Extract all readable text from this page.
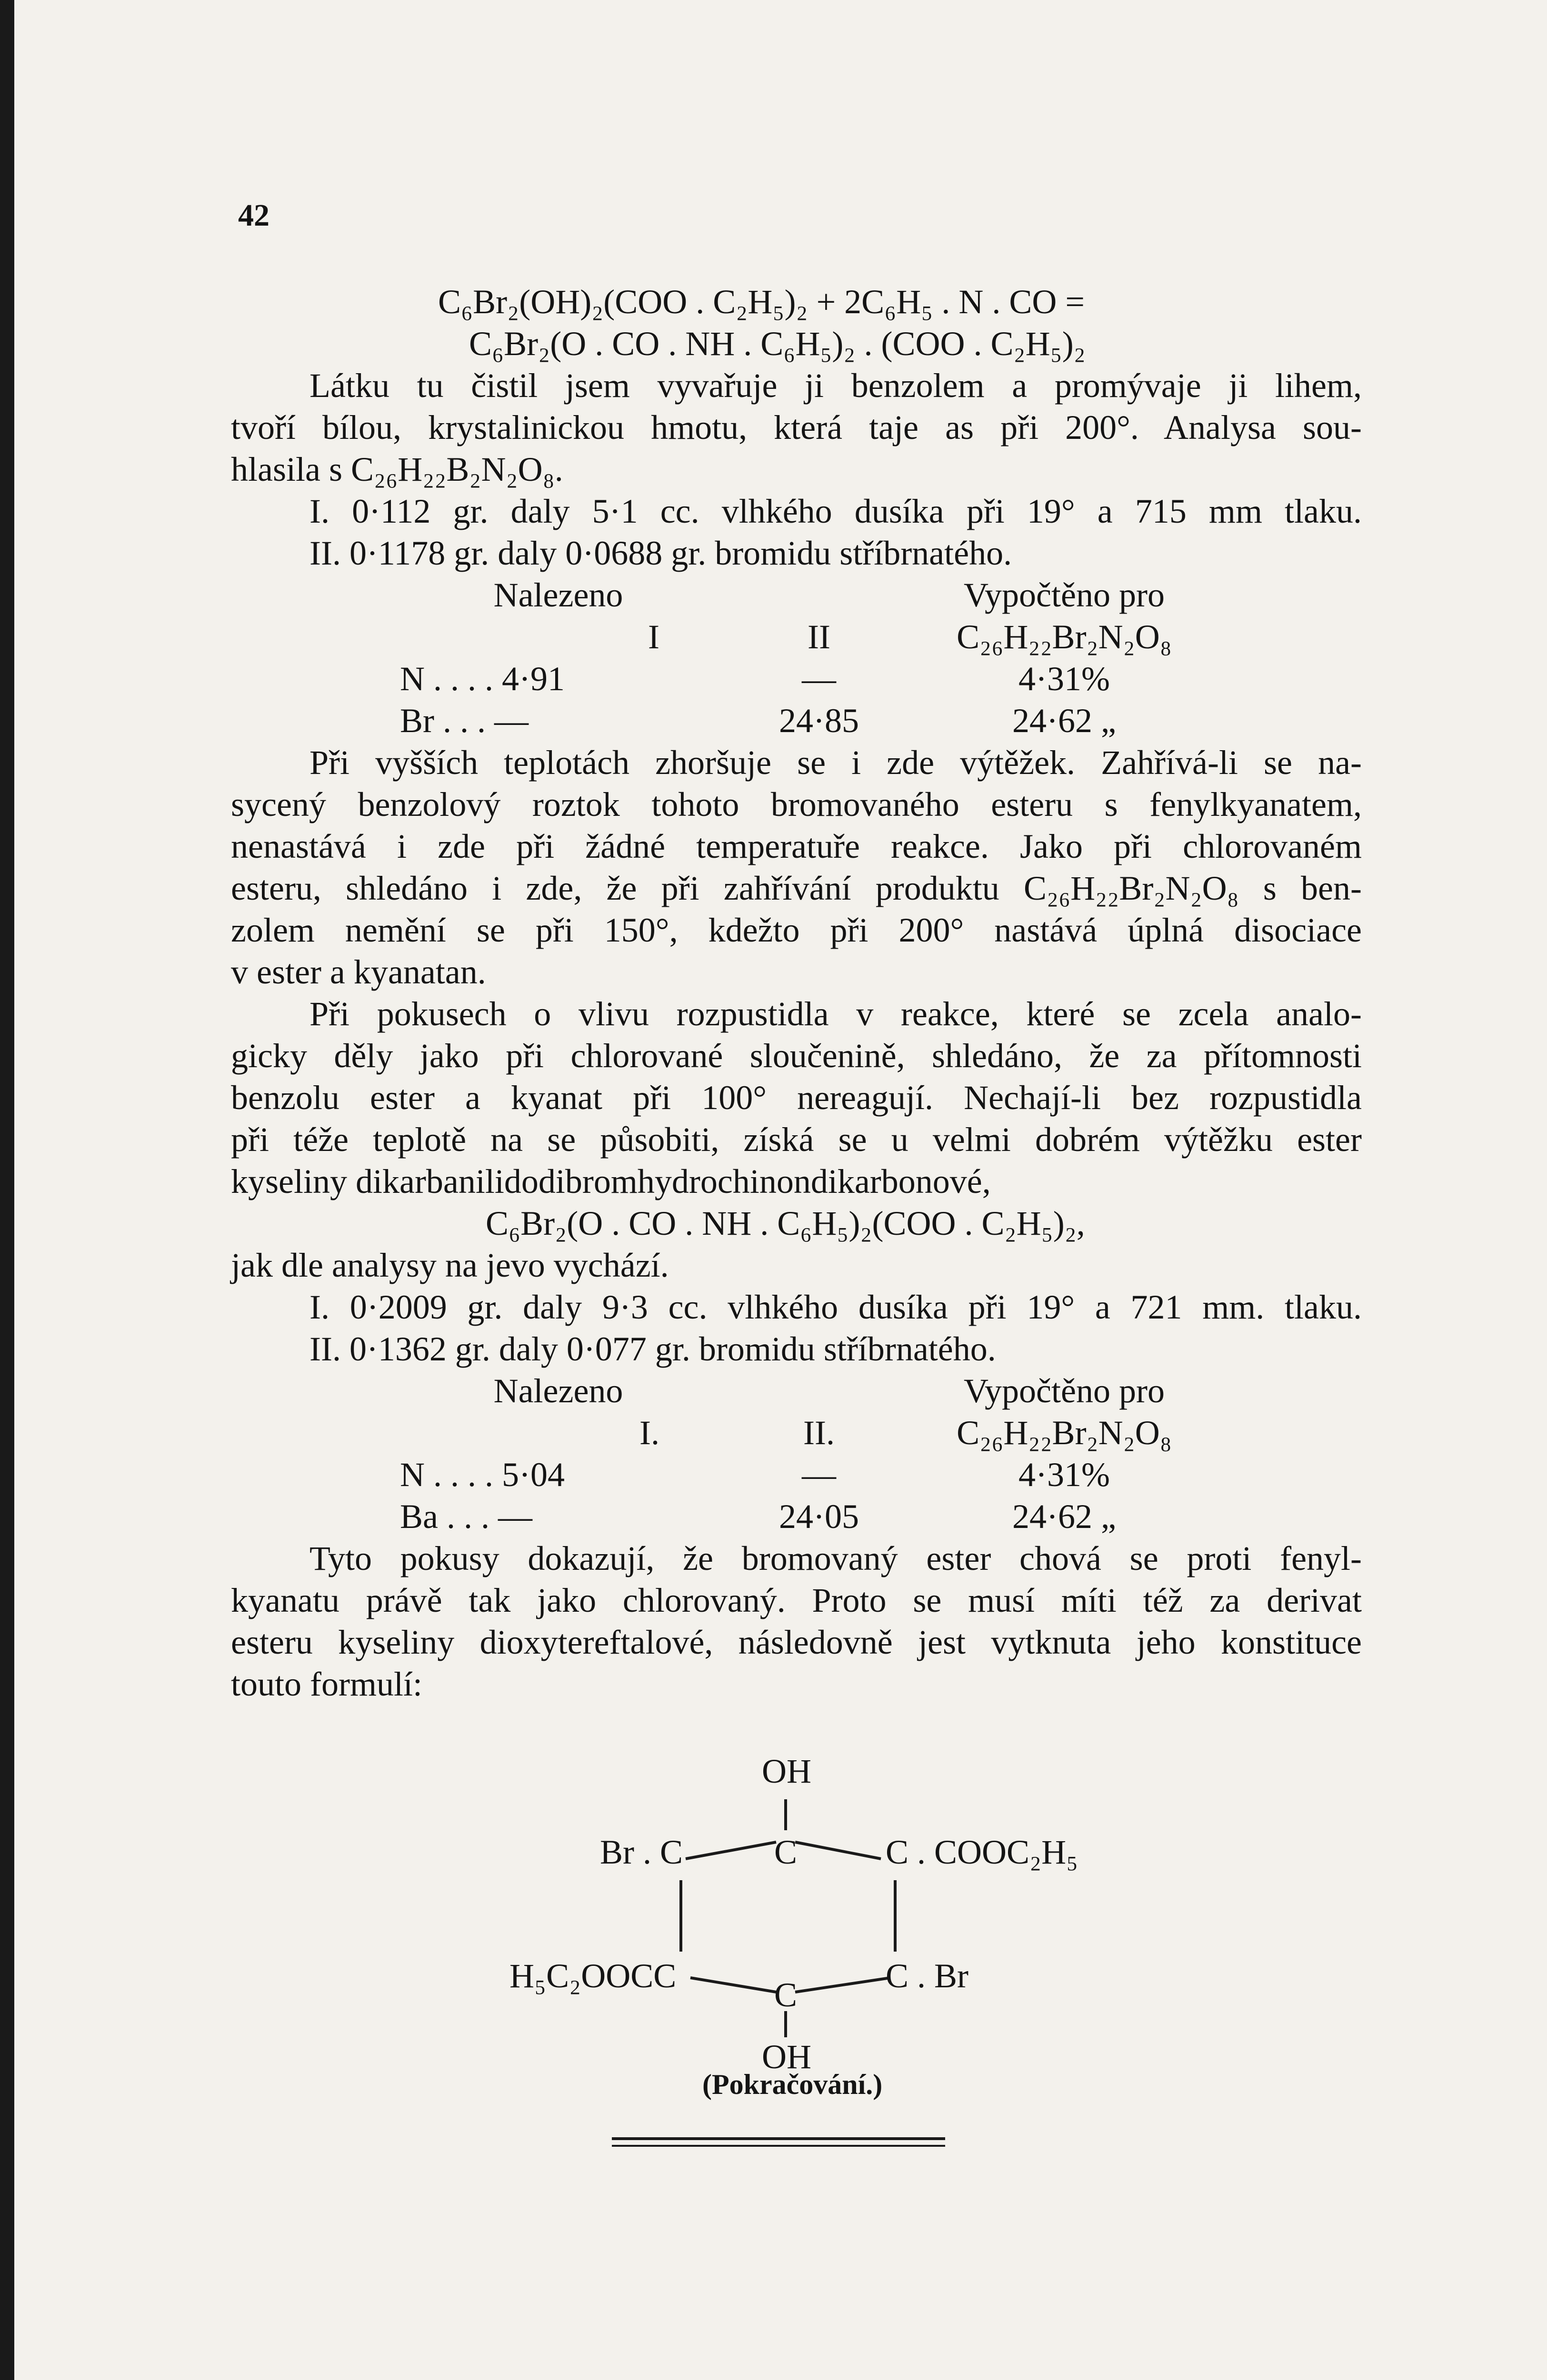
42
C₆Br₂(OH)₂(COO . C₂H₅)₂ + 2C₆H₅ . N . CO =
C₆Br₂(O . CO . NH . C₆H₅)₂ . (COO . C₂H₅)₂
Látku tu čistil jsem vyvařuje ji benzolem a promývaje ji lihem,
tvoří bílou, krystalinickou hmotu, která taje as při 200°. Analysa sou-
hlasila s C₂₆H₂₂B₂N₂O₈.
I. 0·112 gr. daly 5·1 cc. vlhkého dusíka při 19° a 715 mm tlaku.
II. 0·1178 gr. daly 0·0688 gr. bromidu stříbrnatého.
Nalezeno		Vypočtěno pro
I	II	C₂₆H₂₂Br₂N₂O₈
N . . . . 4·91	—	4·31%
Br . . . —	24·85	24·62 „
Při vyšších teplotách zhoršuje se i zde výtěžek. Zahřívá-li se na-
sycený benzolový roztok tohoto bromovaného esteru s fenylkyanatem,
nenastává i zde při žádné temperatuře reakce. Jako při chlorovaném
esteru, shledáno i zde, že při zahřívání produktu C₂₆H₂₂Br₂N₂O₈ s ben-
zolem nemění se při 150°, kdežto při 200° nastává úplná disociace
v ester a kyanatan.
Při pokusech o vlivu rozpustidla v reakce, které se zcela analo-
gicky děly jako při chlorované sloučenině, shledáno, že za přítomnosti
benzolu ester a kyanat při 100° nereagují. Nechají-li bez rozpustidla
při téže teplotě na se působiti, získá se u velmi dobrém výtěžku ester
kyseliny dikarbanilidodibromhydrochinondikarbonové,
C₆Br₂(O . CO . NH . C₆H₅)₂(COO . C₂H₅)₂,
jak dle analysy na jevo vychází.
I. 0·2009 gr. daly 9·3 cc. vlhkého dusíka při 19° a 721 mm. tlaku.
II. 0·1362 gr. daly 0·077 gr. bromidu stříbrnatého.
Nalezeno		Vypočtěno pro
I.	II.	C₂₆H₂₂Br₂N₂O₈
N . . . . 5·04	—	4·31%
Ba . . . —	24·05	24·62 „
Tyto pokusy dokazují, že bromovaný ester chová se proti fenyl-
kyanatu právě tak jako chlorovaný. Proto se musí míti též za derivat
esteru kyseliny dioxytereftalové, následovně jest vytknuta jeho konstituce
touto formulí:
OH
Br . C	C	C . COOC₂H₅
H₅C₂OOCC	C	C . Br
OH
(Pokračování.)
